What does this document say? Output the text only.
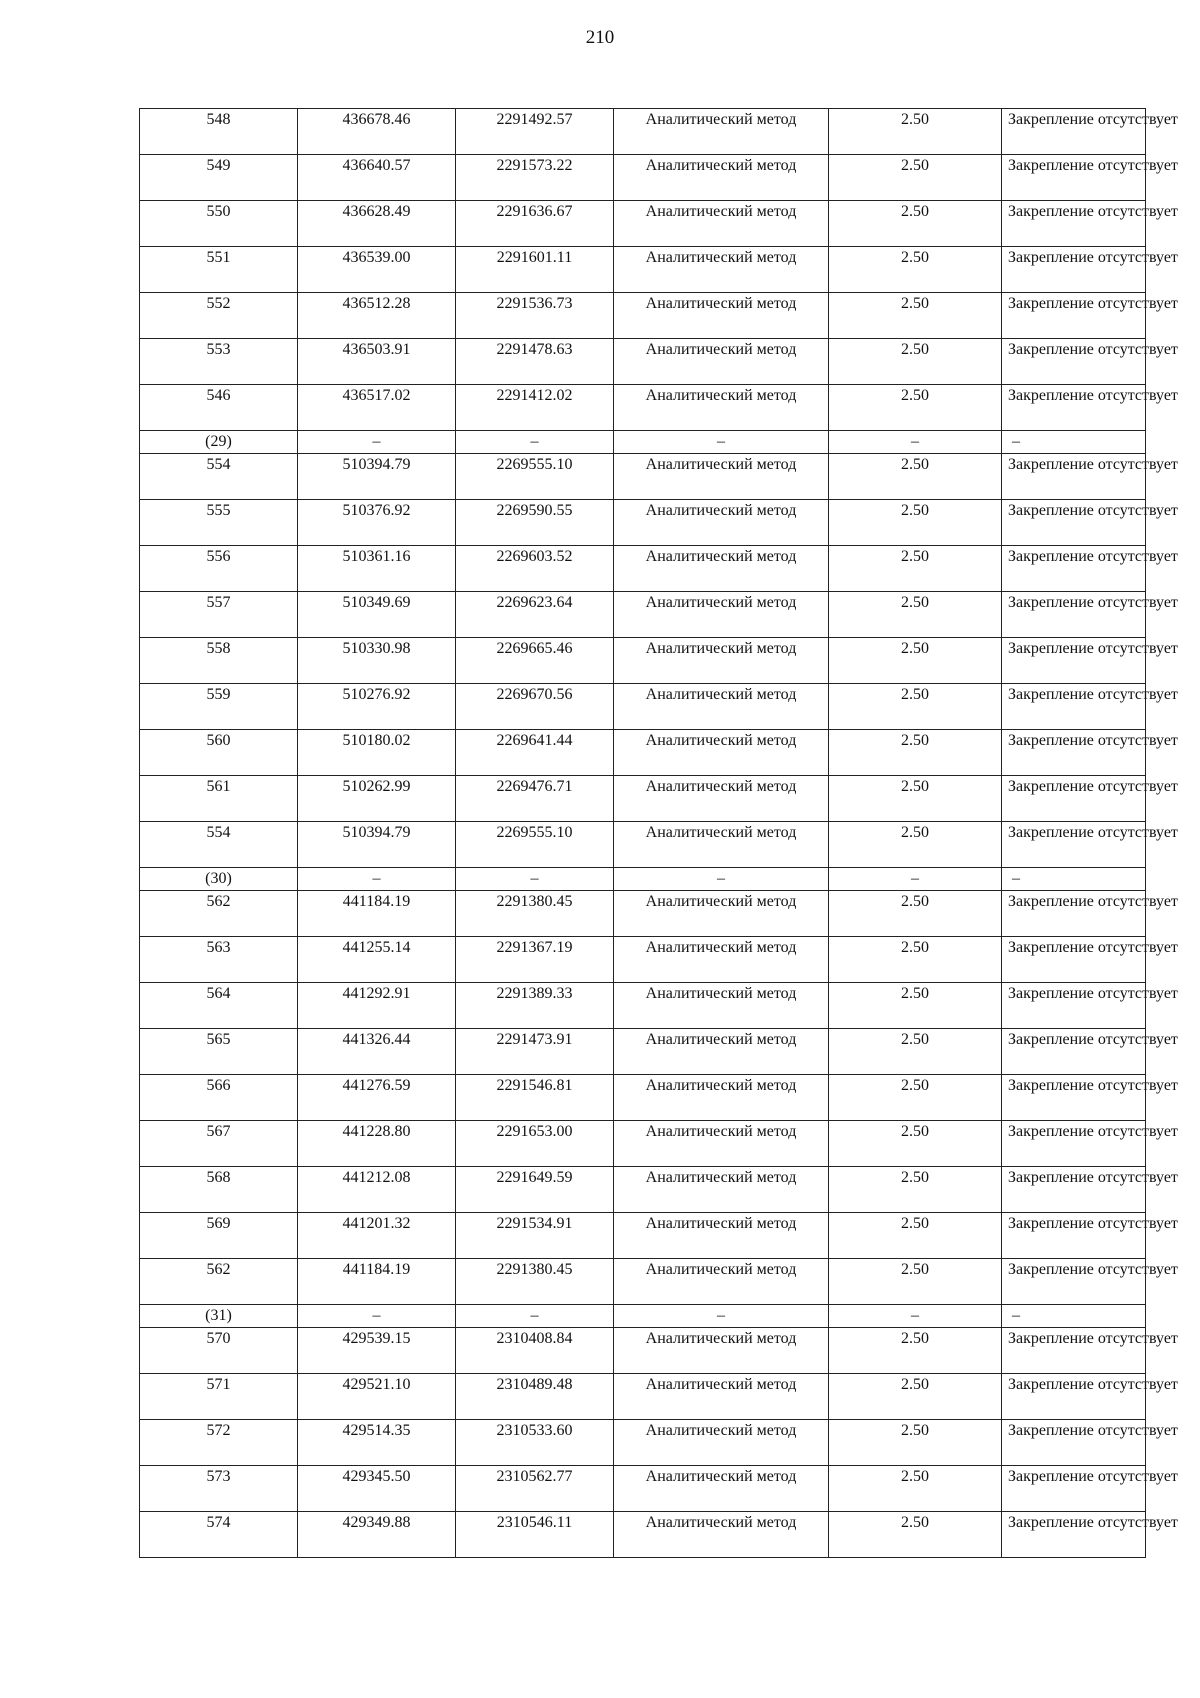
210
548	436678.46	2291492.57	Аналитический метод	2.50	Закрепление отсутствует
549	436640.57	2291573.22	Аналитический метод	2.50	Закрепление отсутствует
550	436628.49	2291636.67	Аналитический метод	2.50	Закрепление отсутствует
551	436539.00	2291601.11	Аналитический метод	2.50	Закрепление отсутствует
552	436512.28	2291536.73	Аналитический метод	2.50	Закрепление отсутствует
553	436503.91	2291478.63	Аналитический метод	2.50	Закрепление отсутствует
546	436517.02	2291412.02	Аналитический метод	2.50	Закрепление отсутствует
(29)	–	–	–	–	–
554	510394.79	2269555.10	Аналитический метод	2.50	Закрепление отсутствует
555	510376.92	2269590.55	Аналитический метод	2.50	Закрепление отсутствует
556	510361.16	2269603.52	Аналитический метод	2.50	Закрепление отсутствует
557	510349.69	2269623.64	Аналитический метод	2.50	Закрепление отсутствует
558	510330.98	2269665.46	Аналитический метод	2.50	Закрепление отсутствует
559	510276.92	2269670.56	Аналитический метод	2.50	Закрепление отсутствует
560	510180.02	2269641.44	Аналитический метод	2.50	Закрепление отсутствует
561	510262.99	2269476.71	Аналитический метод	2.50	Закрепление отсутствует
554	510394.79	2269555.10	Аналитический метод	2.50	Закрепление отсутствует
(30)	–	–	–	–	–
562	441184.19	2291380.45	Аналитический метод	2.50	Закрепление отсутствует
563	441255.14	2291367.19	Аналитический метод	2.50	Закрепление отсутствует
564	441292.91	2291389.33	Аналитический метод	2.50	Закрепление отсутствует
565	441326.44	2291473.91	Аналитический метод	2.50	Закрепление отсутствует
566	441276.59	2291546.81	Аналитический метод	2.50	Закрепление отсутствует
567	441228.80	2291653.00	Аналитический метод	2.50	Закрепление отсутствует
568	441212.08	2291649.59	Аналитический метод	2.50	Закрепление отсутствует
569	441201.32	2291534.91	Аналитический метод	2.50	Закрепление отсутствует
562	441184.19	2291380.45	Аналитический метод	2.50	Закрепление отсутствует
(31)	–	–	–	–	–
570	429539.15	2310408.84	Аналитический метод	2.50	Закрепление отсутствует
571	429521.10	2310489.48	Аналитический метод	2.50	Закрепление отсутствует
572	429514.35	2310533.60	Аналитический метод	2.50	Закрепление отсутствует
573	429345.50	2310562.77	Аналитический метод	2.50	Закрепление отсутствует
574	429349.88	2310546.11	Аналитический метод	2.50	Закрепление отсутствует
